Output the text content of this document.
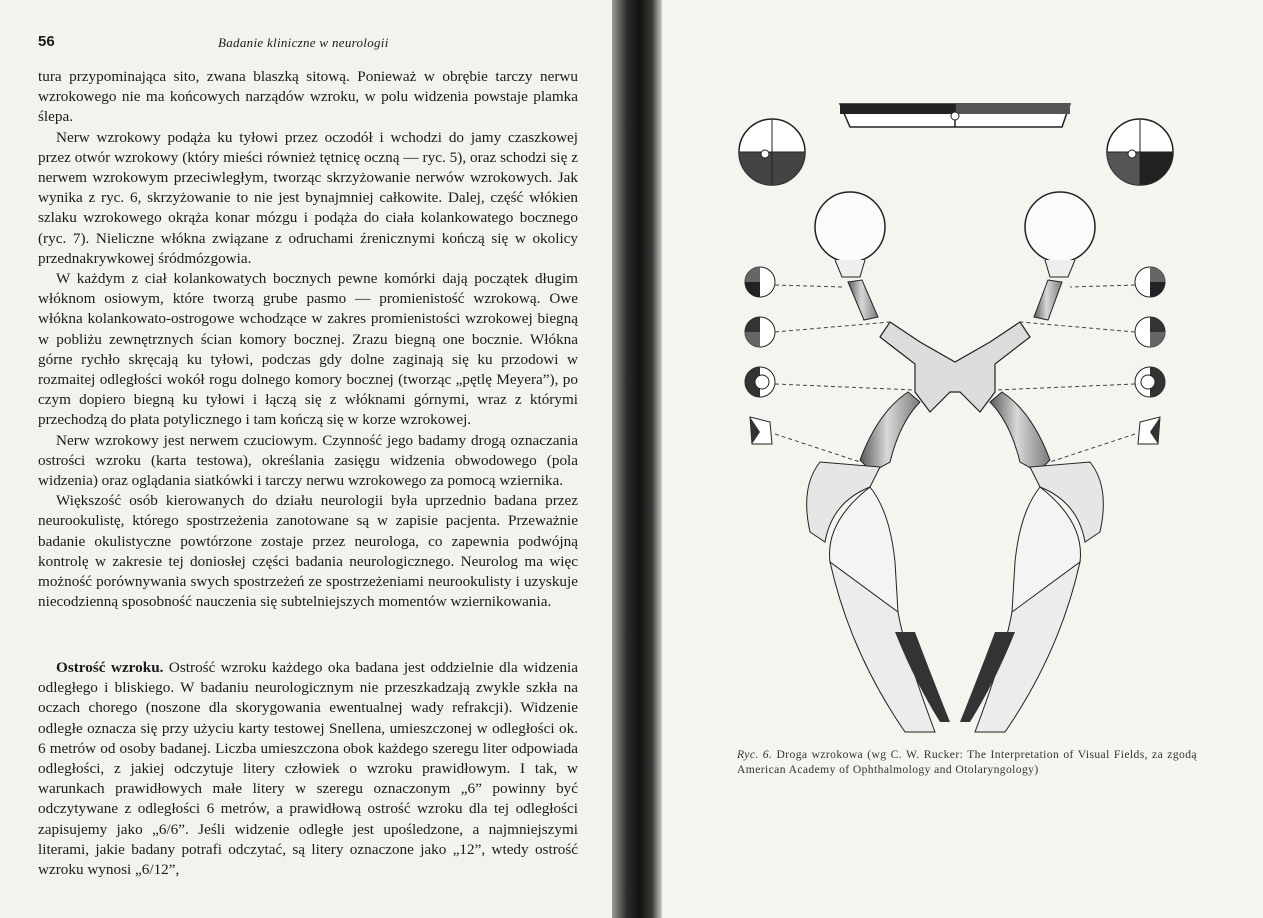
56	Badanie kliniczne w neurologii

tura przypominająca sito, zwana blaszką sitową. Ponieważ w obrębie tarczy nerwu wzrokowego nie ma końcowych narządów wzroku, w polu widzenia powstaje plamka ślepa.

Nerw wzrokowy podąża ku tyłowi przez oczodół i wchodzi do jamy czaszkowej przez otwór wzrokowy (który mieści również tętnicę oczną — ryc. 5), oraz schodzi się z nerwem wzrokowym przeciwległym, tworząc skrzyżowanie nerwów wzrokowych. Jak wynika z ryc. 6, skrzyżowanie to nie jest bynajmniej całkowite. Dalej, część włókien szlaku wzrokowego okrąża konar mózgu i podąża do ciała kolankowatego bocznego (ryc. 7). Nieliczne włókna związane z odruchami źrenicznymi kończą się w okolicy przednakrywkowej śródmózgowia.

W każdym z ciał kolankowatych bocznych pewne komórki dają początek długim włóknom osiowym, które tworzą grube pasmo — promienistość wzrokową. Owe włókna kolankowato-ostrogowe wchodzące w zakres promienistości wzrokowej biegną w pobliżu zewnętrznych ścian komory bocznej. Zrazu biegną one bocznie. Włókna górne rychło skręcają ku tyłowi, podczas gdy dolne zaginają się ku przodowi w rozmaitej odległości wokół rogu dolnego komory bocznej (tworząc „pętlę Meyera”), po czym dopiero biegną ku tyłowi i łączą się z włóknami górnymi, wraz z którymi przechodzą do płata potylicznego i tam kończą się w korze wzrokowej.

Nerw wzrokowy jest nerwem czuciowym. Czynność jego badamy drogą oznaczania ostrości wzroku (karta testowa), określania zasięgu widzenia obwodowego (pola widzenia) oraz oglądania siatkówki i tarczy nerwu wzrokowego za pomocą wziernika.

Większość osób kierowanych do działu neurologii była uprzednio badana przez neurookulistę, którego spostrzeżenia zanotowane są w zapisie pacjenta. Przeważnie badanie okulistyczne powtórzone zostaje przez neurologa, co zapewnia podwójną kontrolę w zakresie tej doniosłej części badania neurologicznego. Neurolog ma więc możność porównywania swych spostrzeżeń ze spostrzeżeniami neurookulisty i uzyskuje niecodzienną sposobność nauczenia się subtelniejszych momentów wziernikowania.

Ostrość wzroku. Ostrość wzroku każdego oka badana jest oddzielnie dla widzenia odległego i bliskiego. W badaniu neurologicznym nie przeszkadzają zwykle szkła na oczach chorego (noszone dla skorygowania ewentualnej wady refrakcji). Widzenie odległe oznacza się przy użyciu karty testowej Snellena, umieszczonej w odległości ok. 6 metrów od osoby badanej. Liczba umieszczona obok każdego szeregu liter odpowiada odległości, z jakiej odczytuje litery człowiek o wzroku prawidłowym. I tak, w warunkach prawidłowych małe litery w szeregu oznaczonym „6” powinny być odczytywane z odległości 6 metrów, a prawidłową ostrość wzroku dla tej odległości zapisujemy jako „6/6”. Jeśli widzenie odległe jest upośledzone, a najmniejszymi literami, jakie badany potrafi odczytać, są litery oznaczone jako „12”, wtedy ostrość wzroku wynosi „6/12”,

Ryc. 6. Droga wzrokowa (wg C. W. Rucker: The Interpretation of Visual Fields, za zgodą American Academy of Ophthalmology and Otolaryngology)
